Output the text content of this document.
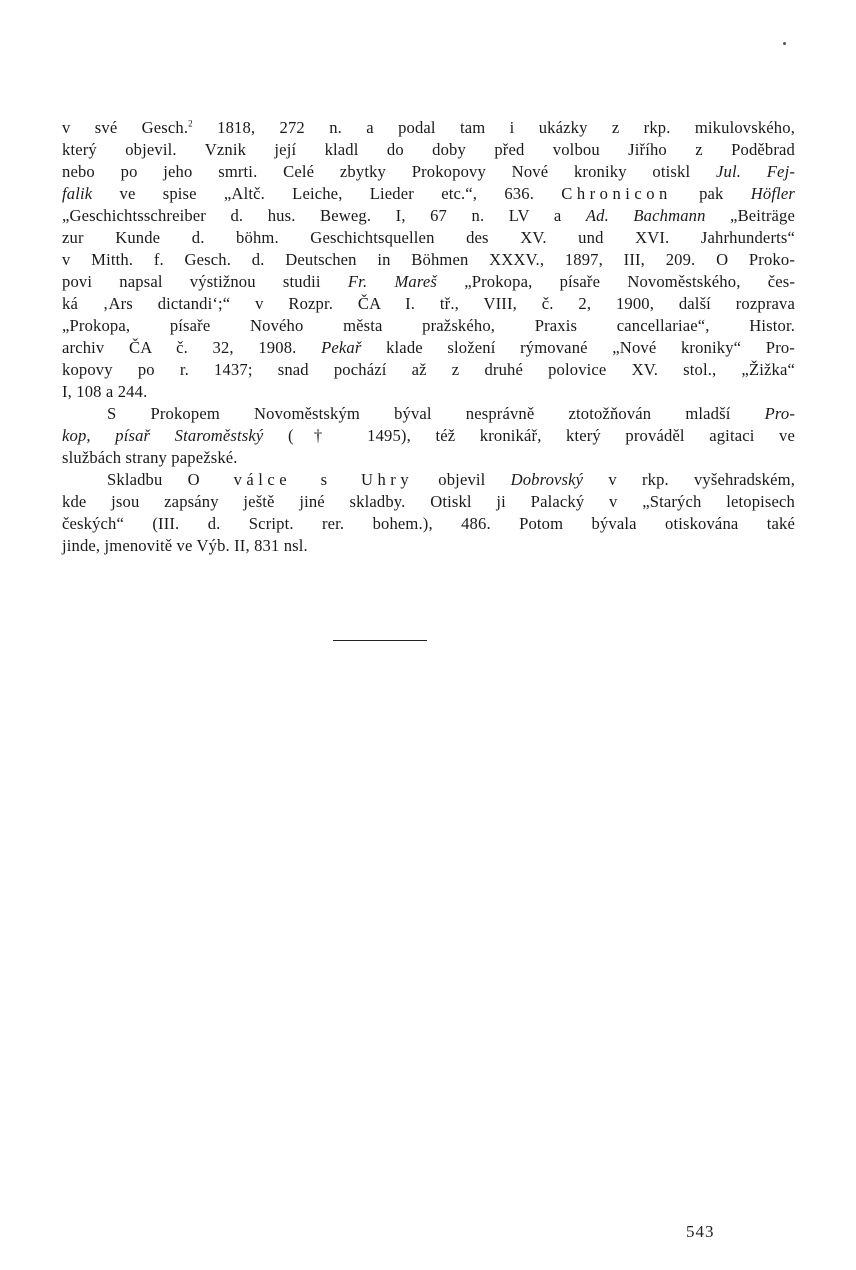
v své Gesch.$^2$ 1818, 272 n. a podal tam i ukázky z rkp. mikulovského,
který objevil. Vznik její kladl do doby před volbou Jiřího z Poděbrad
nebo po jeho smrti. Celé zbytky Prokopovy Nové kroniky otiskl Jul. Fej-
falik ve spise „Altč. Leiche, Lieder etc.“, 636. Chronicon pak Höfler
„Geschichtsschreiber d. hus. Beweg. I, 67 n. LV a Ad. Bachmann „Beiträge
zur Kunde d. böhm. Geschichtsquellen des XV. und XVI. Jahrhunderts“
v Mitth. f. Gesch. d. Deutschen in Böhmen XXXV., 1897, III, 209. O Proko-
povi napsal výstižnou studii Fr. Mareš „Prokopa, písaře Novoměstského, čes-
ká ‚Ars dictandi‘;“ v Rozpr. ČA I. tř., VIII, č. 2, 1900, další rozprava
„Prokopa, písaře Nového města pražského, Praxis cancellariae“, Histor.
archiv ČA č. 32, 1908. Pekař klade složení rýmované „Nové kroniky“ Pro-
kopovy po r. 1437; snad pochází až z druhé polovice XV. stol., „Žižka“
I, 108 a 244.
S Prokopem Novoměstským býval nesprávně ztotožňován mladší Pro-
kop, písař Staroměstský († 1495), též kronikář, který prováděl agitaci ve
službách strany papežské.
Skladbu O válce s Uhry objevil Dobrovský v rkp. vyšehradském,
kde jsou zapsány ještě jiné skladby. Otiskl ji Palacký v „Starých letopisech
českých“ (III. d. Script. rer. bohem.), 486. Potom bývala otiskována také
jinde, jmenovitě ve Výb. II, 831 nsl.
543
